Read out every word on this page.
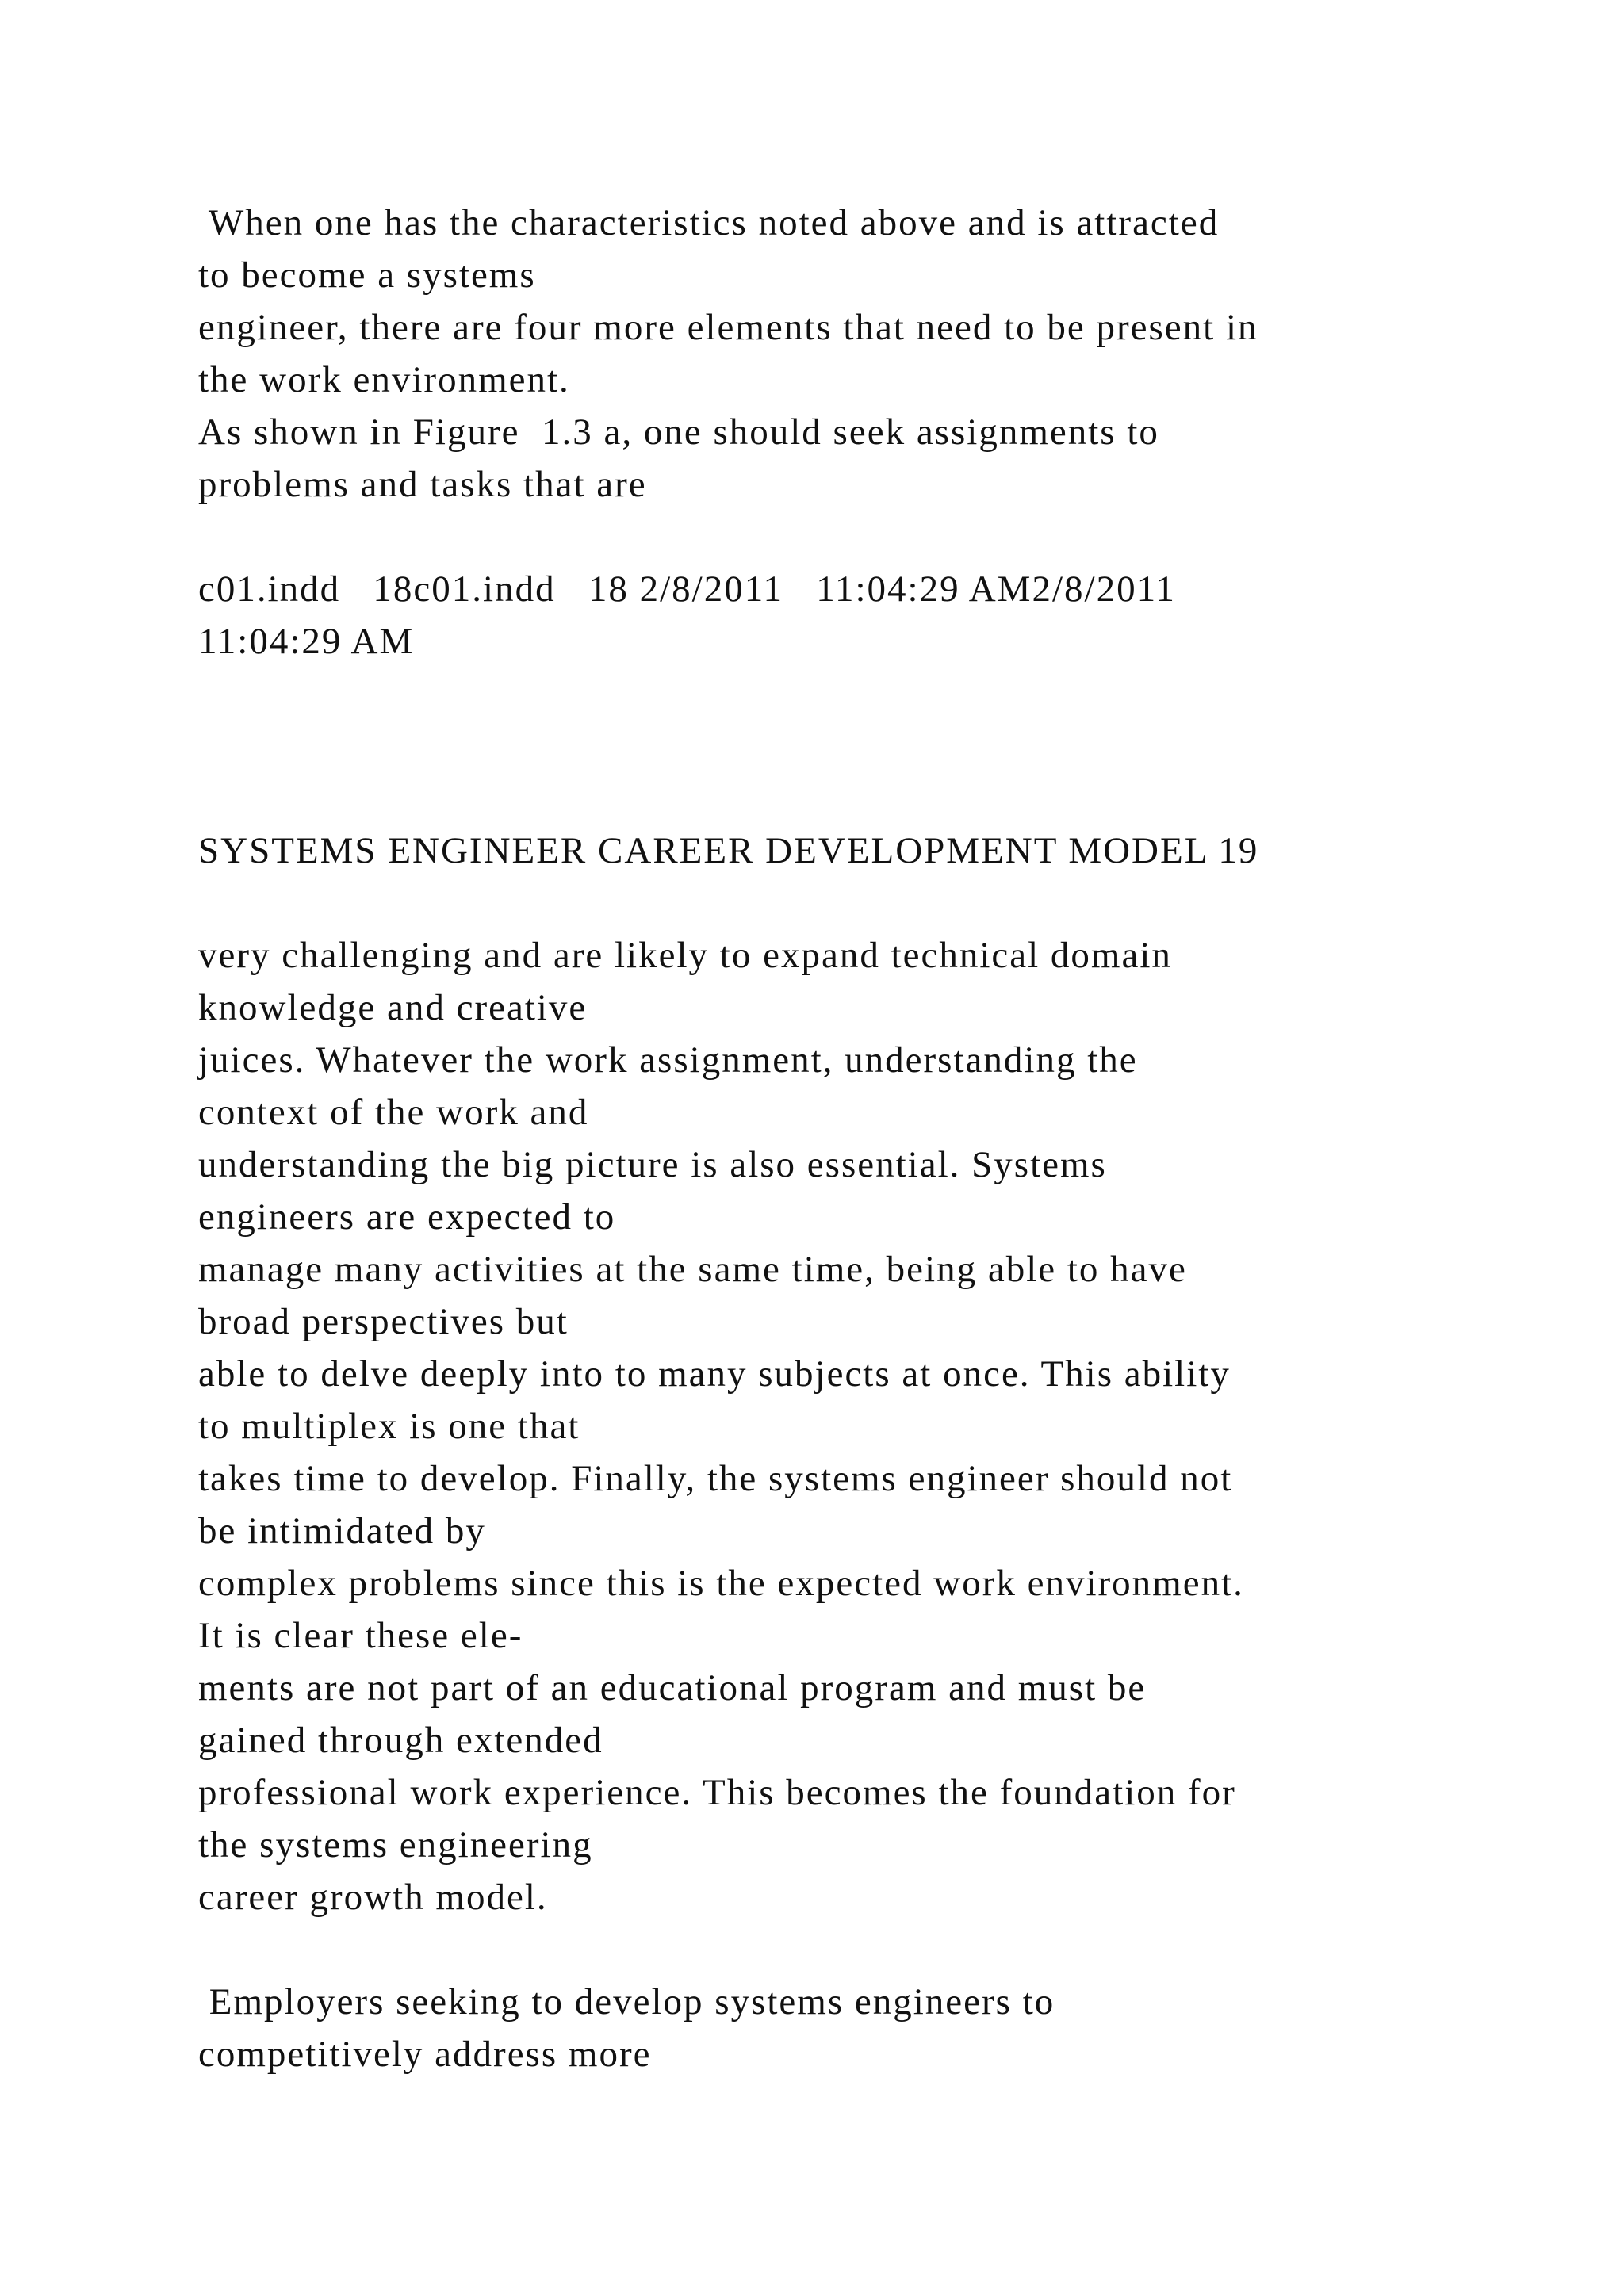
When one has the characteristics noted above and is attracted
to become a systems
engineer, there are four more elements that need to be present in
the work environment.
As shown in Figure  1.3 a, one should seek assignments to
problems and tasks that are
c01.indd   18c01.indd   18 2/8/2011   11:04:29 AM2/8/2011
11:04:29 AM
SYSTEMS ENGINEER CAREER DEVELOPMENT MODEL 19
very challenging and are likely to expand technical domain
knowledge and creative
juices. Whatever the work assignment, understanding the
context of the work and
understanding the big picture is also essential. Systems
engineers are expected to
manage many activities at the same time, being able to have
broad perspectives but
able to delve deeply into to many subjects at once. This ability
to multiplex is one that
takes time to develop. Finally, the systems engineer should not
be intimidated by
complex problems since this is the expected work environment.
It is clear these ele-
ments are not part of an educational program and must be
gained through extended
professional work experience. This becomes the foundation for
the systems engineering
career growth model.
Employers seeking to develop systems engineers to
competitively address more
